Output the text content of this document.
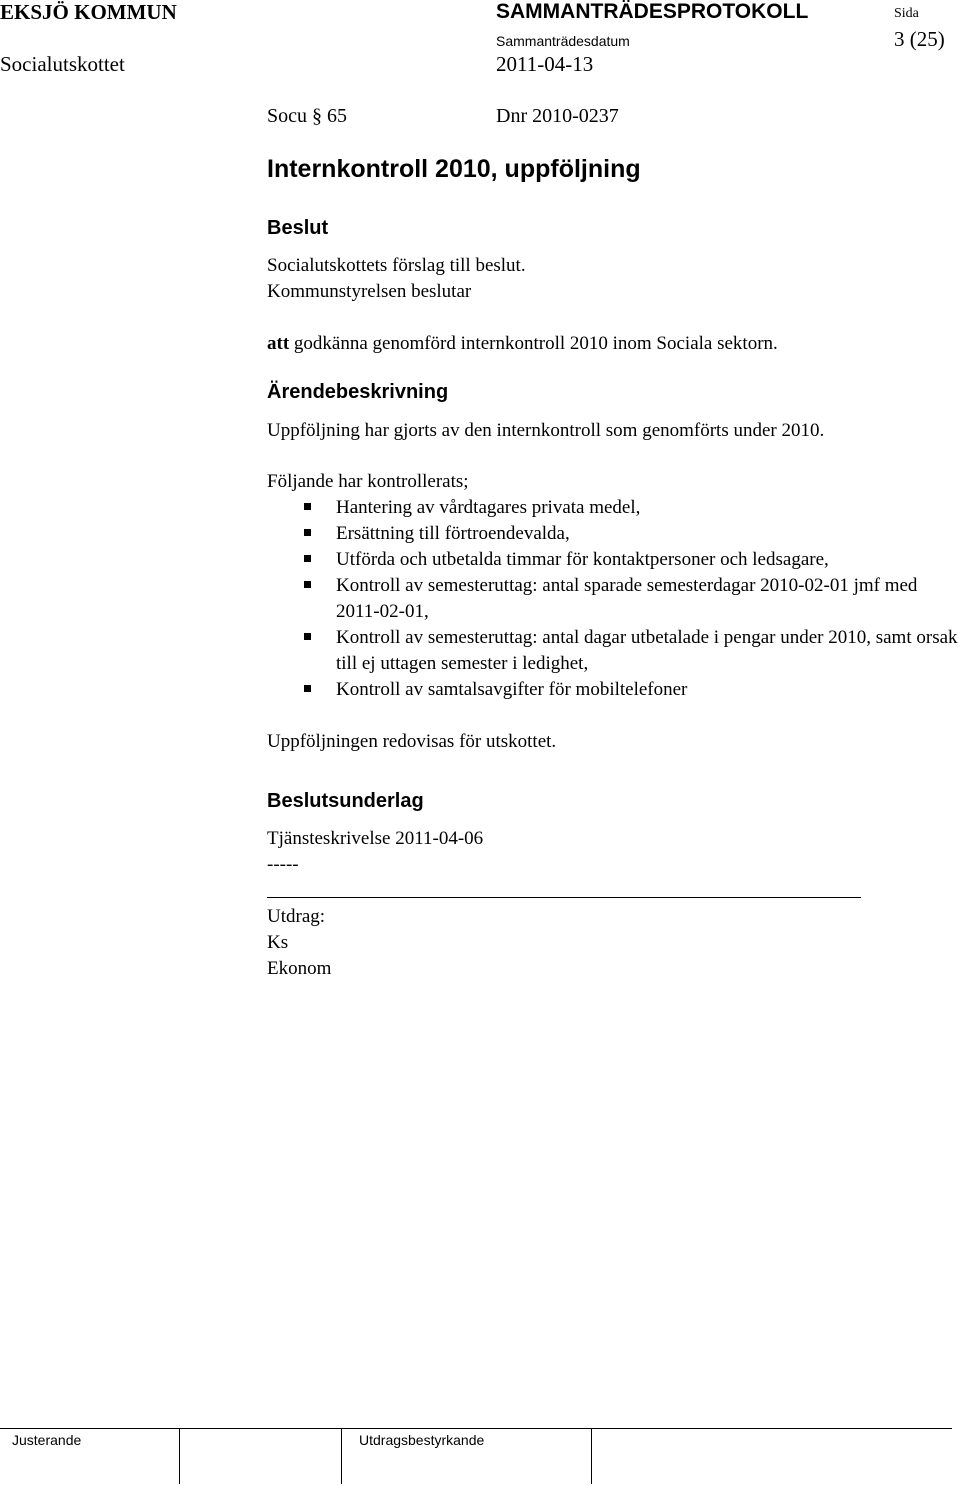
EKSJÖ KOMMUN	SAMMANTRÄDESPROTOKOLL	Sida
Socialutskottet
Sammanträdesdatum
2011-04-13
3 (25)
Socu § 65	Dnr 2010-0237
Internkontroll 2010, uppföljning
Beslut
Socialutskottets förslag till beslut.
Kommunstyrelsen beslutar
att godkänna genomförd internkontroll 2010 inom Sociala sektorn.
Ärendebeskrivning
Uppföljning har gjorts av den internkontroll som genomförts under 2010.
Följande har kontrollerats;
Hantering av vårdtagares privata medel,
Ersättning till förtroendevalda,
Utförda och utbetalda timmar för kontaktpersoner och ledsagare,
Kontroll av semesteruttag: antal sparade semesterdagar 2010-02-01 jmf med 2011-02-01,
Kontroll av semesteruttag: antal dagar utbetalade i pengar under 2010, samt orsak till ej uttagen semester i ledighet,
Kontroll av samtalsavgifter för mobiltelefoner
Uppföljningen redovisas för utskottet.
Beslutsunderlag
Tjänsteskrivelse 2011-04-06
-----
Utdrag:
Ks
Ekonom
Justerande	Utdragsbestyrkande
